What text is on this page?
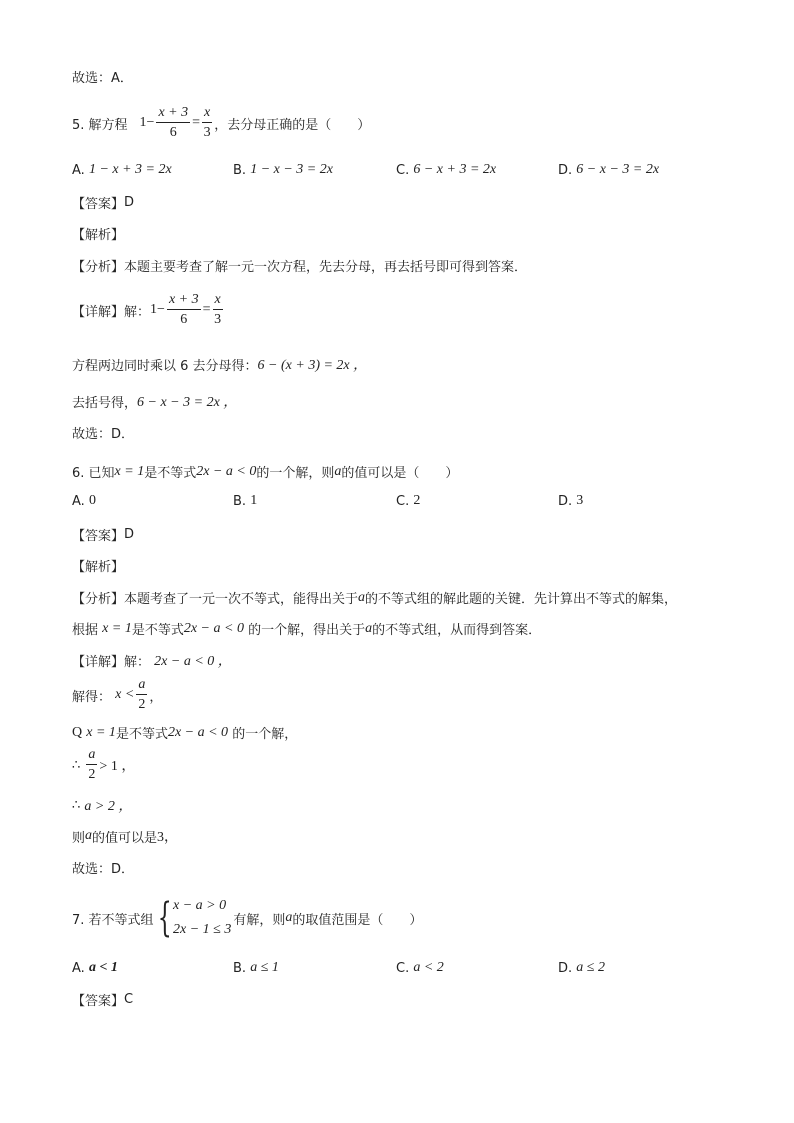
故选：A．
5. 解方程 $1 - \frac{x + 3}{6} = \frac{x}{3}$ ，去分母正确的是（　　）
A.
1 − x + 3 = 2x	B.
1 − x − 3 = 2x	C.
6 − x + 3 = 2x	D.
6 − x − 3 = 2x
【答案】 D
【解析】
【分析】 本题主要考查了解一元一次方程，先去分母，再去括号即可得到答案．
【详解】 解： $1 - \frac{x + 3}{6} = \frac{x}{3}$
方程两边同时乘以 6 去分母得： 6 − (x + 3) = 2x ，
去括号得， 6 − x − 3 = 2x ，
故选：D．
6. 已知 x = 1 是不等式 2x − a < 0 的一个解，则 a 的值可以是（　　）
A.
0	B.
1	C.
2	D.
3
【答案】 D
【解析】
【分析】 本题考查了一元一次不等式，能得出关于 a 的不等式组的解此题的关键．先计算出不等式的解集，
根据
x = 1 是不等式 2x − a < 0
的一个解，得出关于 a 的不等式组，从而得到答案．
【详解】 解：
2x − a < 0 ，
解得：
$x < \frac{a}{2}$ ，
Q
x = 1 是不等式 2x − a < 0
的一个解，
∴
$\frac{a}{2} > 1$ ，
∴
a > 2 ，
则 a 的值可以是 3，
故选：D．
7. 若不等式组 { x − a > 0
2x − 1 ≤ 3
有解，则 a 的取值范围是（　　）
A.
a < 1	B.
a ≤ 1	C.
a < 2	D.
a ≤ 2
【答案】 C
